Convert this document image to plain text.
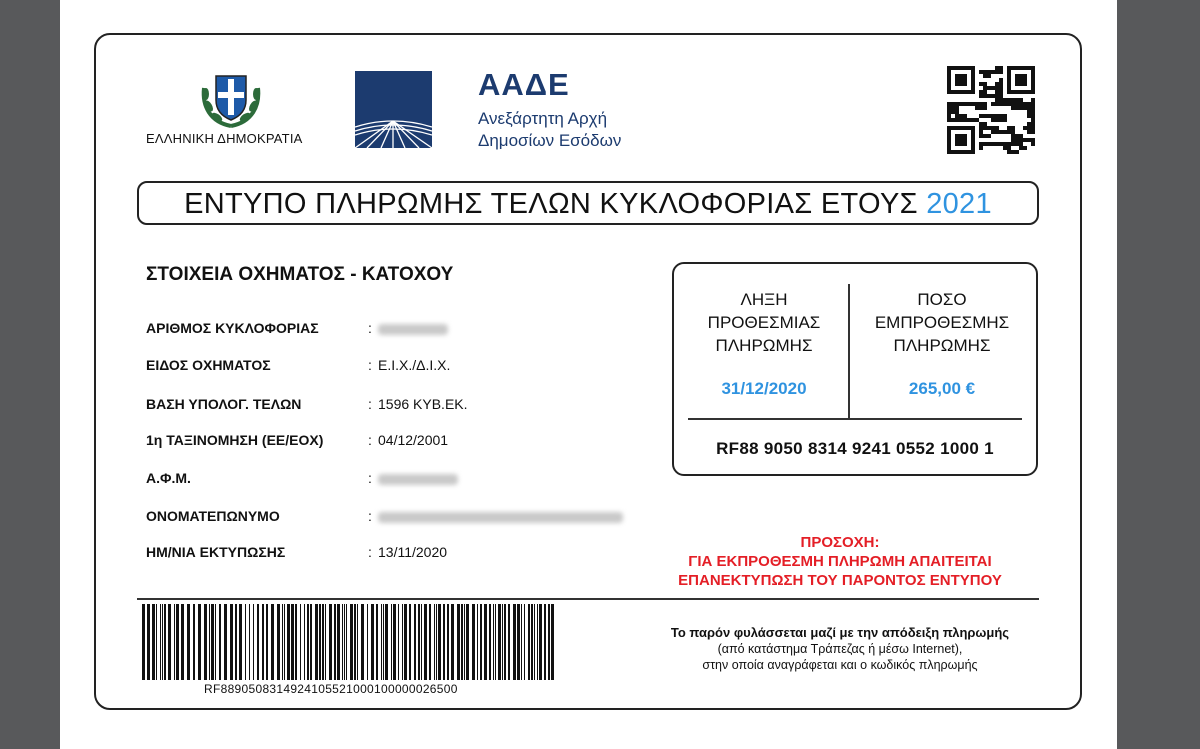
ΕΛΛΗΝΙΚΗ ΔΗΜΟΚΡΑΤΙΑ
ΑΑΔΕ
Ανεξάρτητη Αρχή
Δημοσίων Εσόδων
ΕΝΤΥΠΟ ΠΛΗΡΩΜΗΣ ΤΕΛΩΝ ΚΥΚΛΟΦΟΡΙΑΣ ΕΤΟΥΣ 2021
ΣΤΟΙΧΕΙΑ ΟΧΗΜΑΤΟΣ - ΚΑΤΟΧΟΥ
ΑΡΙΘΜΟΣ ΚΥΚΛΟΦΟΡΙΑΣ	:
ΕΙΔΟΣ ΟΧΗΜΑΤΟΣ	: Ε.Ι.Χ./Δ.Ι.Χ.
ΒΑΣΗ ΥΠΟΛΟΓ. ΤΕΛΩΝ	: 1596 ΚΥΒ.ΕΚ.
1η ΤΑΞΙΝΟΜΗΣΗ (ΕΕ/ΕΟΧ)	: 04/12/2001
Α.Φ.Μ.	:
ΟΝΟΜΑΤΕΠΩΝΥΜΟ	:
ΗΜ/ΝΙΑ ΕΚΤΥΠΩΣΗΣ	: 13/11/2020
ΛΗΞΗ
ΠΡΟΘΕΣΜΙΑΣ
ΠΛΗΡΩΜΗΣ
31/12/2020
ΠΟΣΟ
ΕΜΠΡΟΘΕΣΜΗΣ
ΠΛΗΡΩΜΗΣ
265,00 €
RF88 9050 8314 9241 0552 1000 1
ΠΡΟΣΟΧΗ:
ΓΙΑ ΕΚΠΡΟΘΕΣΜΗ ΠΛΗΡΩΜΗ ΑΠΑΙΤΕΙΤΑΙ
ΕΠΑΝΕΚΤΥΠΩΣΗ ΤΟΥ ΠΑΡΟΝΤΟΣ ΕΝΤΥΠΟΥ
RF8890508314924105521000100000026500
Το παρόν φυλάσσεται μαζί με την απόδειξη πληρωμής
(από κατάστημα Τράπεζας ή μέσω Internet),
στην οποία αναγράφεται και ο κωδικός πληρωμής
